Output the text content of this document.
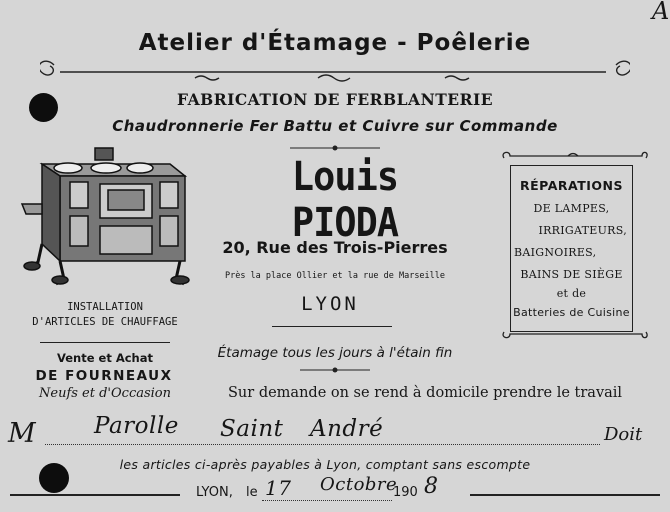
A
Atelier d'Étamage - Poêlerie
FABRICATION DE FERBLANTERIE
Chaudronnerie Fer Battu et Cuivre sur Commande
INSTALLATION
D'ARTICLES DE CHAUFFAGE
Vente et Achat
DE FOURNEAUX
Neufs et d'Occasion
Louis PIODA
20, Rue des Trois-Pierres
Près la place Ollier et la rue de Marseille
LYON
Étamage tous les jours à l'étain fin
Sur demande on se rend à domicile prendre le travail
RÉPARATIONS
DE LAMPES,
IRRIGATEURS,
BAIGNOIRES,
BAINS DE SIÈGE
et de
Batteries de Cuisine
M	Parolle Saint André	Doit
les articles ci-après payables à Lyon, comptant sans escompte
LYON, le 17 Octobre
190 8
